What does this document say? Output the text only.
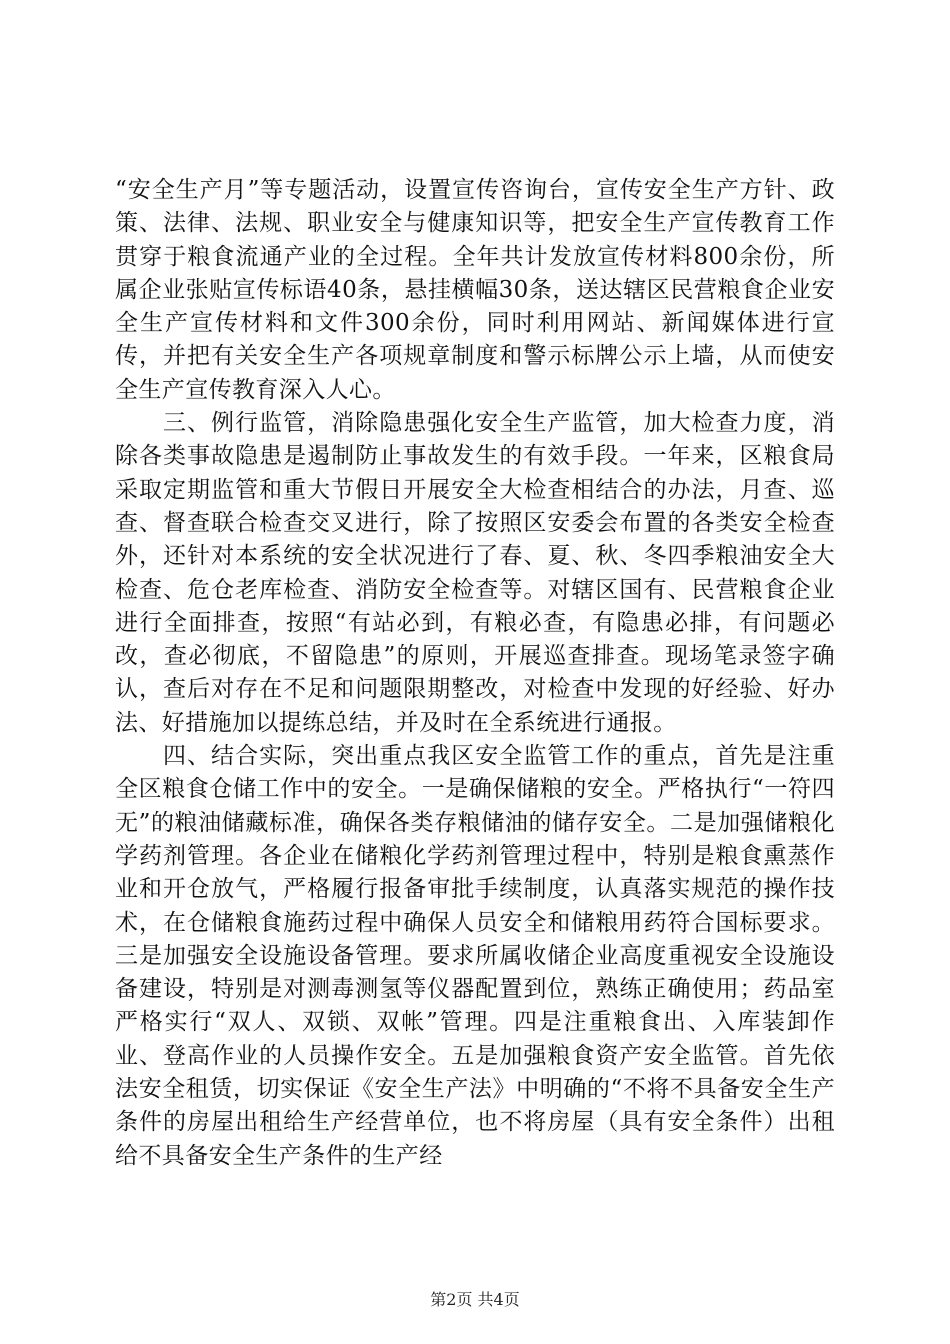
“安全生产月”等专题活动，设置宣传咨询台，宣传安全生产方针、政策、法律、法规、职业安全与健康知识等，把安全生产宣传教育工作贯穿于粮食流通产业的全过程。全年共计发放宣传材料800余份，所属企业张贴宣传标语40条，悬挂横幅30条，送达辖区民营粮食企业安全生产宣传材料和文件300余份，同时利用网站、新闻媒体进行宣传，并把有关安全生产各项规章制度和警示标牌公示上墙，从而使安全生产宣传教育深入人心。

三、例行监管，消除隐患强化安全生产监管，加大检查力度，消除各类事故隐患是遏制防止事故发生的有效手段。一年来，区粮食局采取定期监管和重大节假日开展安全大检查相结合的办法，月查、巡查、督查联合检查交叉进行，除了按照区安委会布置的各类安全检查外，还针对本系统的安全状况进行了春、夏、秋、冬四季粮油安全大检查、危仓老库检查、消防安全检查等。对辖区国有、民营粮食企业进行全面排查，按照“有站必到，有粮必查，有隐患必排，有问题必改，查必彻底，不留隐患”的原则，开展巡查排查。现场笔录签字确认，查后对存在不足和问题限期整改，对检查中发现的好经验、好办法、好措施加以提练总结，并及时在全系统进行通报。

四、结合实际，突出重点我区安全监管工作的重点，首先是注重全区粮食仓储工作中的安全。一是确保储粮的安全。严格执行“一符四无”的粮油储藏标准，确保各类存粮储油的储存安全。二是加强储粮化学药剂管理。各企业在储粮化学药剂管理过程中，特别是粮食熏蒸作业和开仓放气，严格履行报备审批手续制度，认真落实规范的操作技术，在仓储粮食施药过程中确保人员安全和储粮用药符合国标要求。三是加强安全设施设备管理。要求所属收储企业高度重视安全设施设备建设，特别是对测毒测氢等仪器配置到位，熟练正确使用；药品室严格实行“双人、双锁、双帐”管理。四是注重粮食出、入库装卸作业、登高作业的人员操作安全。五是加强粮食资产安全监管。首先依法安全租赁，切实保证《安全生产法》中明确的“不将不具备安全生产条件的房屋出租给生产经营单位，也不将房屋（具有安全条件）出租给不具备安全生产条件的生产经

第2页 共4页
